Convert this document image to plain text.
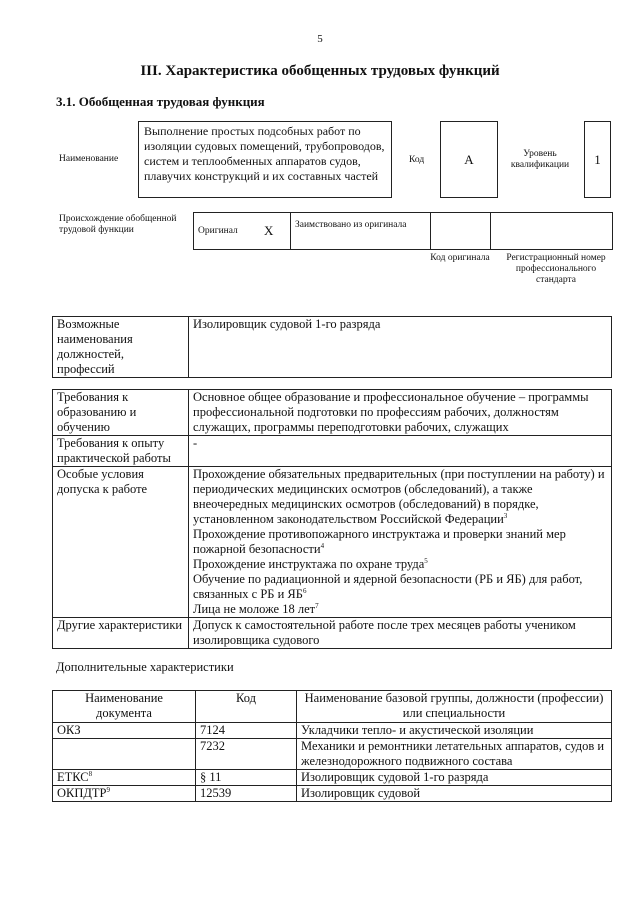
5
III. Характеристика обобщенных трудовых функций
3.1. Обобщенная трудовая функция
Наименование
Выполнение простых подсобных работ по изоляции судовых помещений, трубопроводов, систем и теплообменных аппаратов судов, плавучих конструкций и их составных частей
Код	А	Уровень квалификации	1
Происхождение обобщенной трудовой функции	Оригинал X Заимствовано из оригинала
Код оригинала	Регистрационный номер профессионального стандарта
Возможные наименования должностей, профессий	Изолировщик судовой 1-го разряда
Требования к образованию и обучению	Основное общее образование и профессиональное обучение – программы профессиональной подготовки по профессиям рабочих, должностям служащих, программы переподготовки рабочих, служащих
Требования к опыту практической работы	-
Особые условия допуска к работе	Прохождение обязательных предварительных (при поступлении на работу) и периодических медицинских осмотров (обследований), а также внеочередных медицинских осмотров (обследований) в порядке, установленном законодательством Российской Федерации$^3$
Прохождение противопожарного инструктажа и проверки знаний мер пожарной безопасности$^4$
Прохождение инструктажа по охране труда$^5$
Обучение по радиационной и ядерной безопасности (РБ и ЯБ) для работ, связанных с РБ и $ЯБ^6$
Лица не моложе 18 лет$^7$

Другие характеристики	Допуск к самостоятельной работе после трех месяцев работы учеником изолировщика судового
Дополнительные характеристики
Наименование документа	Код	Наименование базовой группы, должности (профессии) или специальности
ОКЗ	7124	Укладчики тепло- и акустической изоляции
	7232	Механики и ремонтники летательных аппаратов, судов и железнодорожного подвижного состава
ЕТКС$^8$	§ 11	Изолировщик судовой 1-го разряда
ОКПДТР$^9$	12539	Изолировщик судовой
